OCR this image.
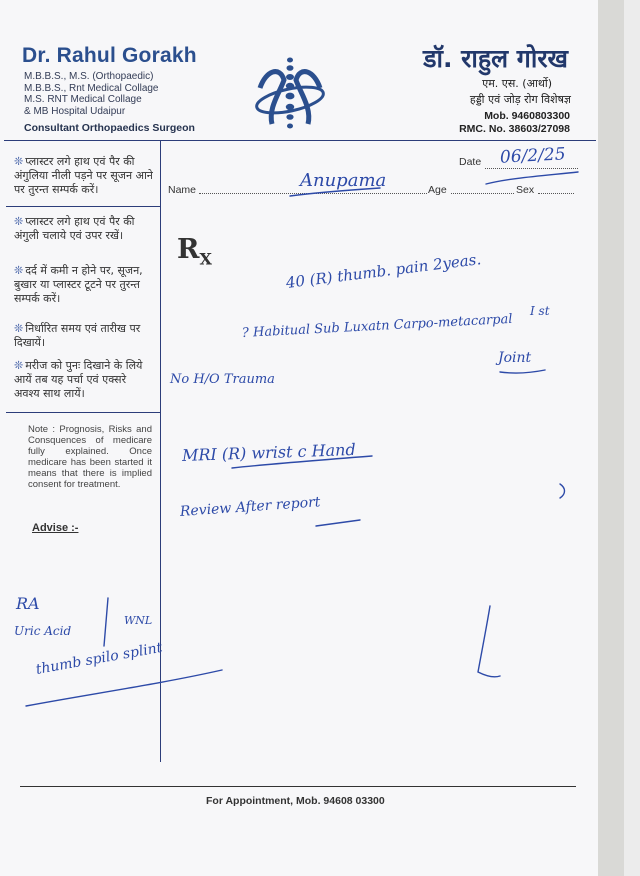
Dr. Rahul Gorakh
M.B.B.S., M.S. (Orthopaedic)
M.B.B.S., Rnt Medical Collage
M.S. RNT Medical Collage
& MB Hospital Udaipur
Consultant Orthopaedics Surgeon
डॉ. राहुल गोरख
एम. एस. (आर्थो)
हड्डी एवं जोड़ रोग विशेषज्ञ
Mob. 9460803300
RMC. No. 38603/27098
❊ प्लास्टर लगे हाथ एवं पैर की अंगुलिया नीली पड़ने पर सूजन आने पर तुरन्त सम्पर्क करें।
❊ प्लास्टर लगे हाथ एवं पैर की अंगुली चलाये एवं उपर रखें।
❊ दर्द में कमी न होने पर, सूजन, बुखार या प्लास्टर टूटने पर तुरन्त सम्पर्क करें।
❊ निर्धारित समय एवं तारीख पर दिखायें।
❊ मरीज को पुनः दिखाने के लिये आयें तब यह पर्चा एवं एक्सरे अवश्य साथ लायें।
Note : Prognosis, Risks and Consquences of medicare fully explained. Once medicare has been started it means that there is implied consent for treatment.
Advise :-
Date 06/2/25
Name	Anupama	Age	Sex
$R_X$	40 (R) thumb. pain 2yeas.
I st
? Habitual Sub Luxatn Carpo-metacarpal
Joint
No H/O Trauma
MRI (R) wrist c Hand
Review After report
RA
Uric Acid
WNL
thumb spilo splint
For Appointment, Mob. 94608 03300
